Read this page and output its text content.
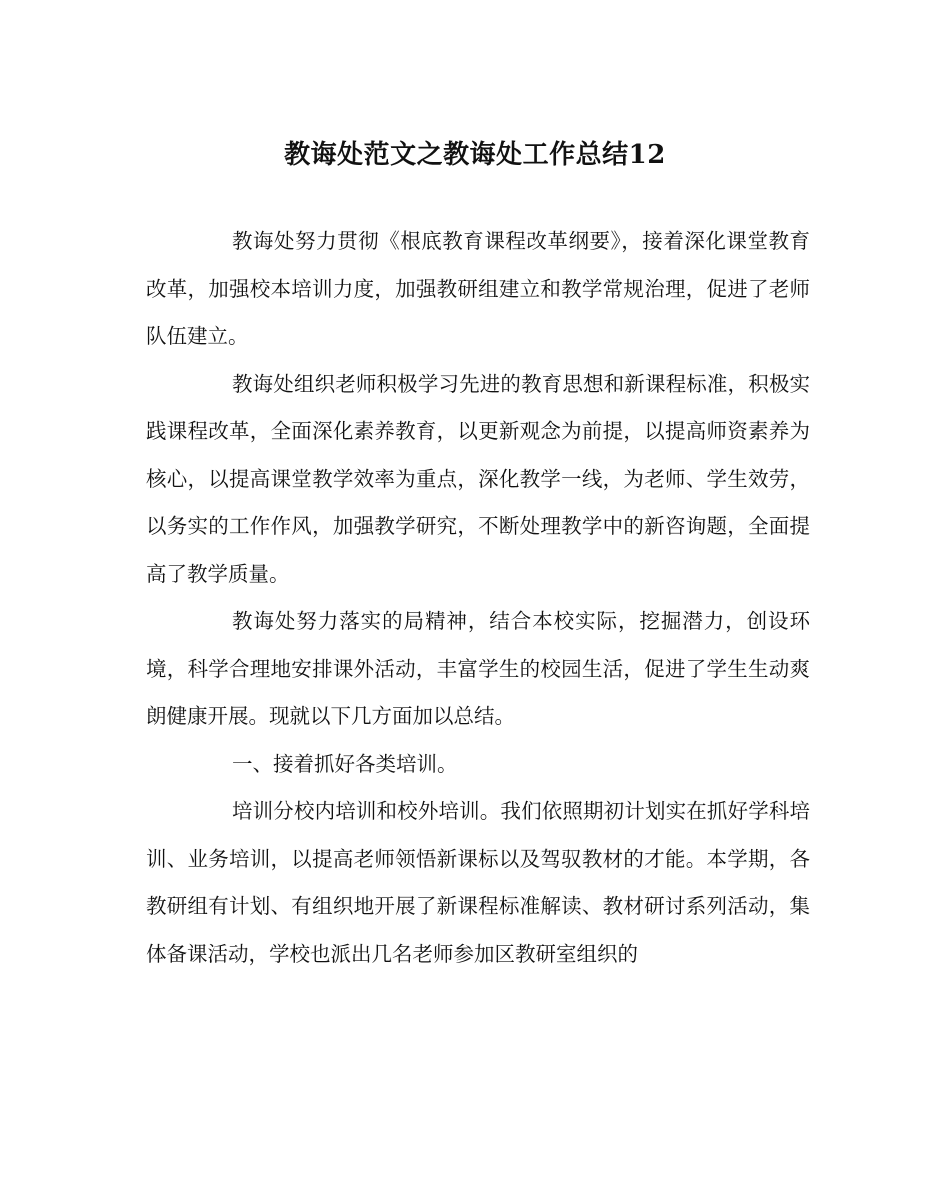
教诲处范文之教诲处工作总结12

教诲处努力贯彻《根底教育课程改革纲要》，接着深化课堂教育改革，加强校本培训力度，加强教研组建立和教学常规治理，促进了老师队伍建立。

教诲处组织老师积极学习先进的教育思想和新课程标准，积极实践课程改革，全面深化素养教育，以更新观念为前提，以提高师资素养为核心，以提高课堂教学效率为重点，深化教学一线，为老师、学生效劳，以务实的工作作风，加强教学研究，不断处理教学中的新咨询题，全面提高了教学质量。

教诲处努力落实的局精神，结合本校实际，挖掘潜力，创设环境，科学合理地安排课外活动，丰富学生的校园生活，促进了学生生动爽朗健康开展。现就以下几方面加以总结。

一、接着抓好各类培训。

培训分校内培训和校外培训。我们依照期初计划实在抓好学科培训、业务培训，以提高老师领悟新课标以及驾驭教材的才能。本学期，各教研组有计划、有组织地开展了新课程标准解读、教材研讨系列活动，集体备课活动，学校也派出几名老师参加区教研室组织的
